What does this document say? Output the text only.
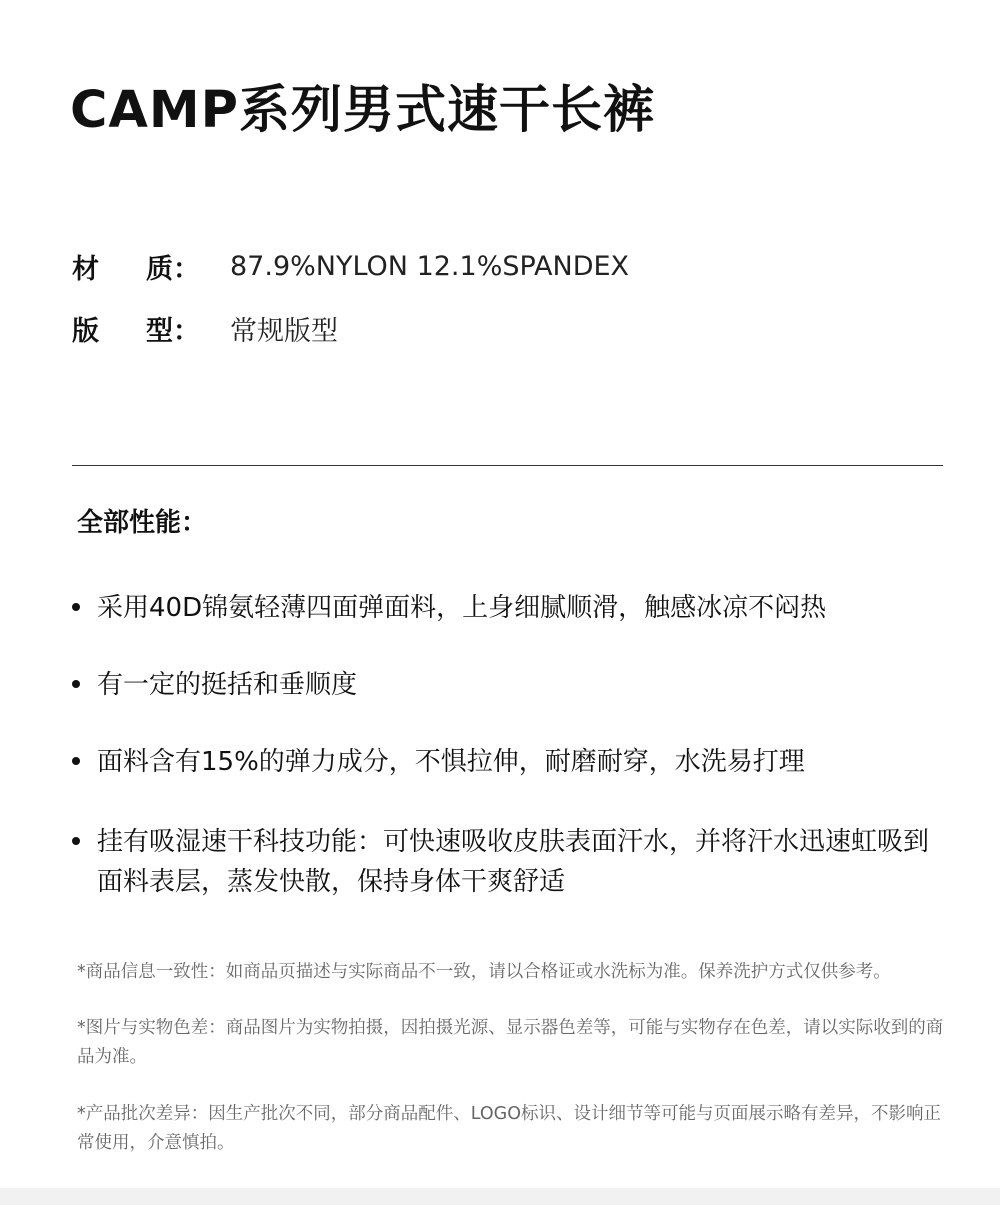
CAMP系列男式速干长裤
材 质： 87.9%NYLON 12.1%SPANDEX
版 型： 常规版型
全部性能：
采用40D锦氨轻薄四面弹面料，上身细腻顺滑，触感冰凉不闷热
有一定的挺括和垂顺度
面料含有15%的弹力成分，不惧拉伸，耐磨耐穿，水洗易打理
挂有吸湿速干科技功能：可快速吸收皮肤表面汗水，并将汗水迅速虹吸到面料表层，蒸发快散，保持身体干爽舒适
*商品信息一致性：如商品页描述与实际商品不一致，请以合格证或水洗标为准。保养洗护方式仅供参考。
*图片与实物色差：商品图片为实物拍摄，因拍摄光源、显示器色差等，可能与实物存在色差，请以实际收到的商品为准。
*产品批次差异：因生产批次不同，部分商品配件、LOGO标识、设计细节等可能与页面展示略有差异，不影响正常使用，介意慎拍。
